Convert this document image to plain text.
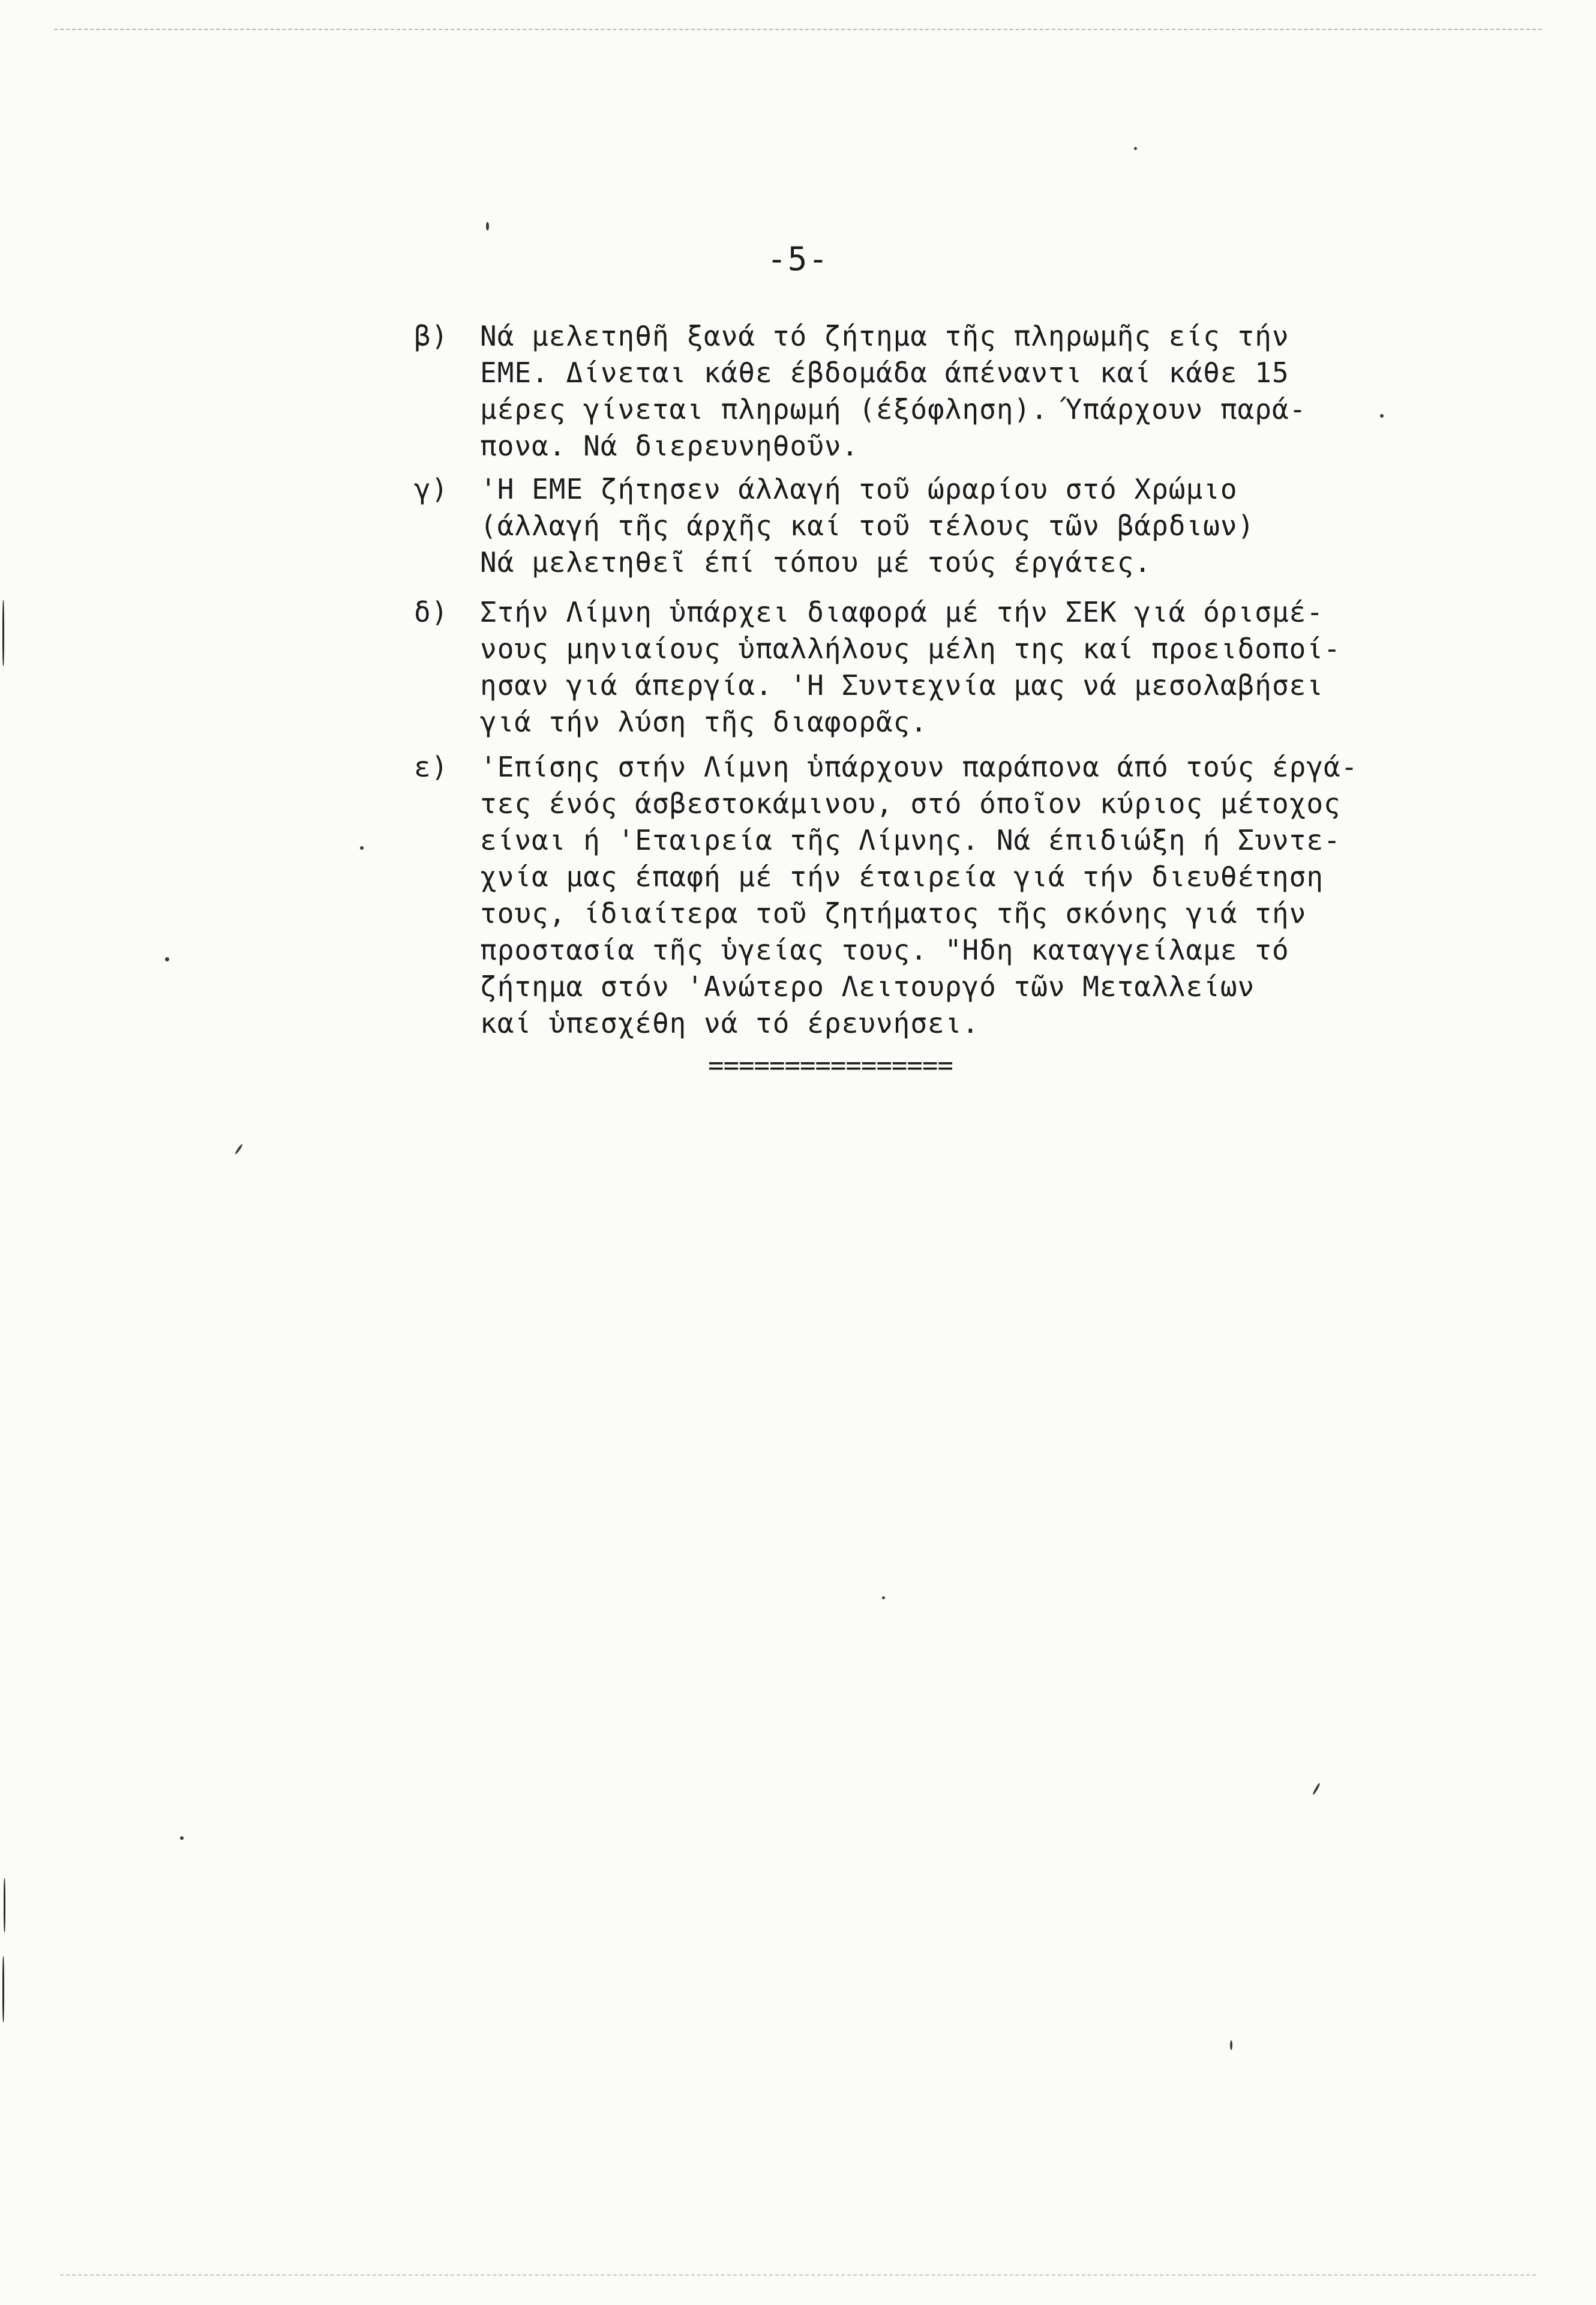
-5-
β)	Νά μελετηθῆ ξανά τό ζήτημα τῆς πληρωμῆς είς τήν
ΕΜΕ. Δίνεται κάθε έβδομάδα άπέναντι καί κάθε 15
μέρες γίνεται πληρωμή (έξόφληση). Ύπάρχουν παρά-
πονα. Νά διερευνηθοῦν.
γ)	'Η ΕΜΕ ζήτησεν άλλαγή τοῦ ώραρίου στό Χρώμιο
(άλλαγή τῆς άρχῆς καί τοῦ τέλους τῶν βάρδιων)
Νά μελετηθεῖ έπί τόπου μέ τούς έργάτες.
δ)	Στήν Λίμνη ὑπάρχει διαφορά μέ τήν ΣΕΚ γιά όρισμέ-
νους μηνιαίους ὑπαλλήλους μέλη της καί προειδοποί-
ησαν γιά άπεργία. 'Η Συντεχνία μας νά μεσολαβήσει
γιά τήν λύση τῆς διαφορᾶς.
ε)	'Επίσης στήν Λίμνη ὑπάρχουν παράπονα άπό τούς έργά-
τες ένός άσβεστοκάμινου, στό όποῖον κύριος μέτοχος
είναι ή 'Εταιρεία τῆς Λίμνης. Νά έπιδιώξη ή Συντε-
χνία μας έπαφή μέ τήν έταιρεία γιά τήν διευθέτηση
τους, ίδιαίτερα τοῦ ζητήματος τῆς σκόνης γιά τήν
προστασία τῆς ὑγείας τους. "Ηδη καταγγείλαμε τό
ζήτημα στόν 'Ανώτερο Λειτουργό τῶν Μεταλλείων
καί ὑπεσχέθη νά τό έρευνήσει.
================
